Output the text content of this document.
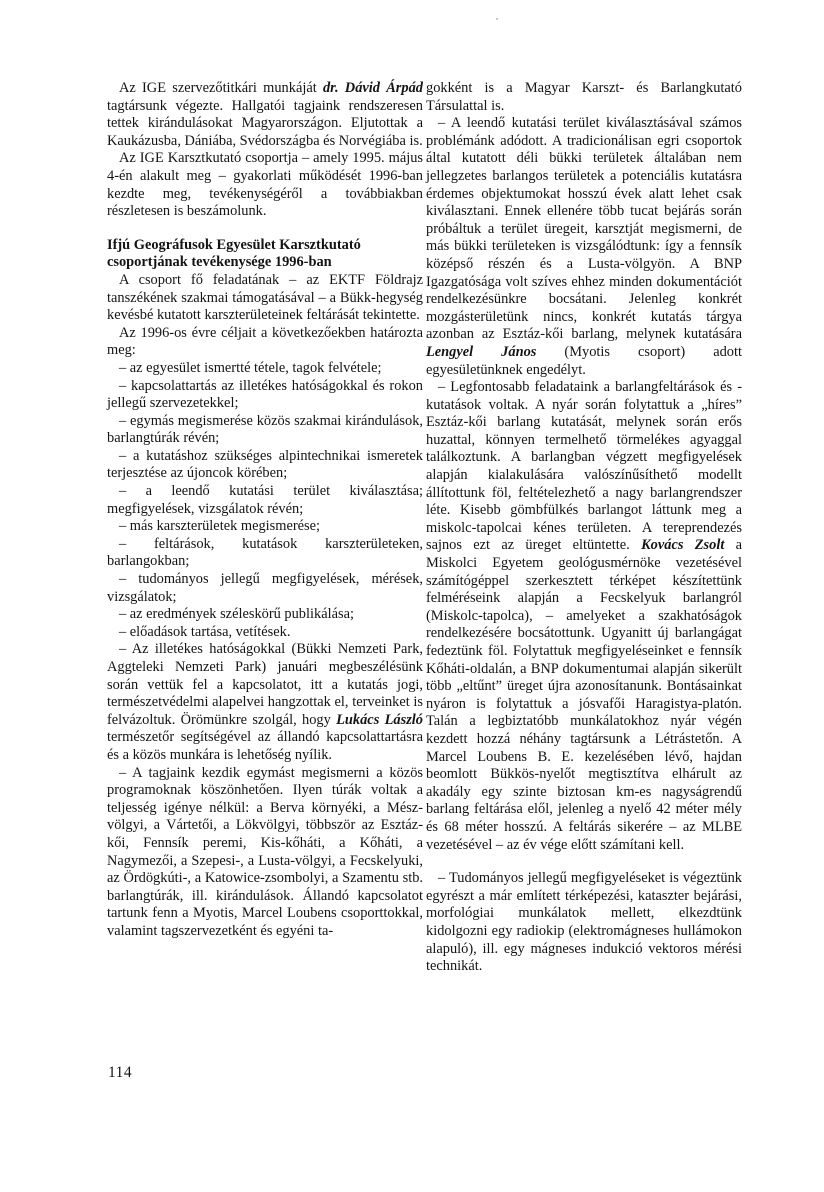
Az IGE szervezőtitkári munkáját dr. Dávid Árpád tagtársunk végezte. Hallgatói tagjaink rendszeresen tettek kirándulásokat Magyarországon. Eljutottak a Kaukázusba, Dániába, Svédországba és Norvégiába is.

Az IGE Karsztkutató csoportja – amely 1995. május 4-én alakult meg – gyakorlati működését 1996-ban kezdte meg, tevékenységéről a továbbiakban részletesen is beszámolunk.

Ifjú Geográfusok Egyesület Karsztkutató csoportjának tevékenysége 1996-ban

A csoport fő feladatának – az EKTF Földrajz tanszékének szakmai támogatásával – a Bükk-hegység kevésbé kutatott karszterületeinek feltárását tekintette.

Az 1996-os évre céljait a következőekben határozta meg:

– az egyesület ismertté tétele, tagok felvétele;

– kapcsolattartás az illetékes hatóságokkal és rokon jellegű szervezetekkel;

– egymás megismerése közös szakmai kirándulások, barlangtúrák révén;

– a kutatáshoz szükséges alpintechnikai ismeretek terjesztése az újoncok körében;

– a leendő kutatási terület kiválasztása; megfigyelések, vizsgálatok révén;

– más karszterületek megismerése;

– feltárások, kutatások karszterületeken, barlangokban;

– tudományos jellegű megfigyelések, mérések, vizsgálatok;

– az eredmények széleskörű publikálása;

– előadások tartása, vetítések.

– Az illetékes hatóságokkal (Bükki Nemzeti Park, Aggteleki Nemzeti Park) januári megbeszélésünk során vettük fel a kapcsolatot, itt a kutatás jogi, természetvédelmi alapelvei hangzottak el, terveinket is felvázoltuk. Örömünkre szolgál, hogy Lukács László természetőr segítségével az állandó kapcsolattartásra és a közös munkára is lehetőség nyílik.

– A tagjaink kezdik egymást megismerni a közös programoknak köszönhetően. Ilyen túrák voltak a teljesség igénye nélkül: a Berva környéki, a Mész-völgyi, a Vártetői, a Lökvölgyi, többször az Esztáz-kői, Fennsík peremi, Kis-kőháti, a Kőháti, a Nagymezői, a Szepesi-, a Lusta-völgyi, a Fecskelyuki, az Ördögkúti-, a Katowice-zsombolyi, a Szamentu stb. barlangtúrák, ill. kirándulások. Állandó kapcsolatot tartunk fenn a Myotis, Marcel Loubens csoporttokkal, valamint tagszervezetként és egyéni ta-

gokként is a Magyar Karszt- és Barlangkutató Társulattal is.

– A leendő kutatási terület kiválasztásával számos problémánk adódott. A tradicionálisan egri csoportok által kutatott déli bükki területek általában nem jellegzetes barlangos területek a potenciális kutatásra érdemes objektumokat hosszú évek alatt lehet csak kiválasztani. Ennek ellenére több tucat bejárás során próbáltuk a terület üregeit, karsztját megismerni, de más bükki területeken is vizsgálódtunk: így a fennsík középső részén és a Lusta-völgyön. A BNP Igazgatósága volt szíves ehhez minden dokumentációt rendelkezésünkre bocsátani. Jelenleg konkrét mozgásterületünk nincs, konkrét kutatás tárgya azonban az Esztáz-kői barlang, melynek kutatására Lengyel János (Myotis csoport) adott egyesületünknek engedélyt.

– Legfontosabb feladataink a barlangfeltárások és -kutatások voltak. A nyár során folytattuk a „híres” Esztáz-kői barlang kutatását, melynek során erős huzattal, könnyen termelhető törmelékes agyaggal találkoztunk. A barlangban végzett megfigyelések alapján kialakulására valószínűsíthető modellt állítottunk föl, feltételezhető a nagy barlangrendszer léte. Kisebb gömbfülkés barlangot láttunk meg a miskolc-tapolcai kénes területen. A tereprendezés sajnos ezt az üreget eltüntette. Kovács Zsolt a Miskolci Egyetem geológusmérnöke vezetésével számítógéppel szerkesztett térképet készítettünk felméréseink alapján a Fecskelyuk barlangról (Miskolc-tapolca), – amelyeket a szakhatóságok rendelkezésére bocsátottunk. Ugyanitt új barlangágat fedeztünk föl. Folytattuk megfigyeléseinket e fennsík Kőháti-oldalán, a BNP dokumentumai alapján sikerült több „eltűnt” üreget újra azonosítanunk. Bontásainkat nyáron is folytattuk a jósvafői Haragistya-platón. Talán a legbiztatóbb munkálatokhoz nyár végén kezdett hozzá néhány tagtársunk a Létrástetőn. A Marcel Loubens B. E. kezelésében lévő, hajdan beomlott Bükkös-nyelőt megtisztítva elhárult az akadály egy szinte biztosan km-es nagyságrendű barlang feltárása elől, jelenleg a nyelő 42 méter mély és 68 méter hosszú. A feltárás sikerére – az MLBE vezetésével – az év vége előtt számítani kell.

– Tudományos jellegű megfigyeléseket is végeztünk egyrészt a már említett térképezési, kataszter bejárási, morfológiai munkálatok mellett, elkezdtünk kidolgozni egy radiokip (elektromágneses hullámokon alapuló), ill. egy mágneses indukció vektoros mérési technikát.

114
